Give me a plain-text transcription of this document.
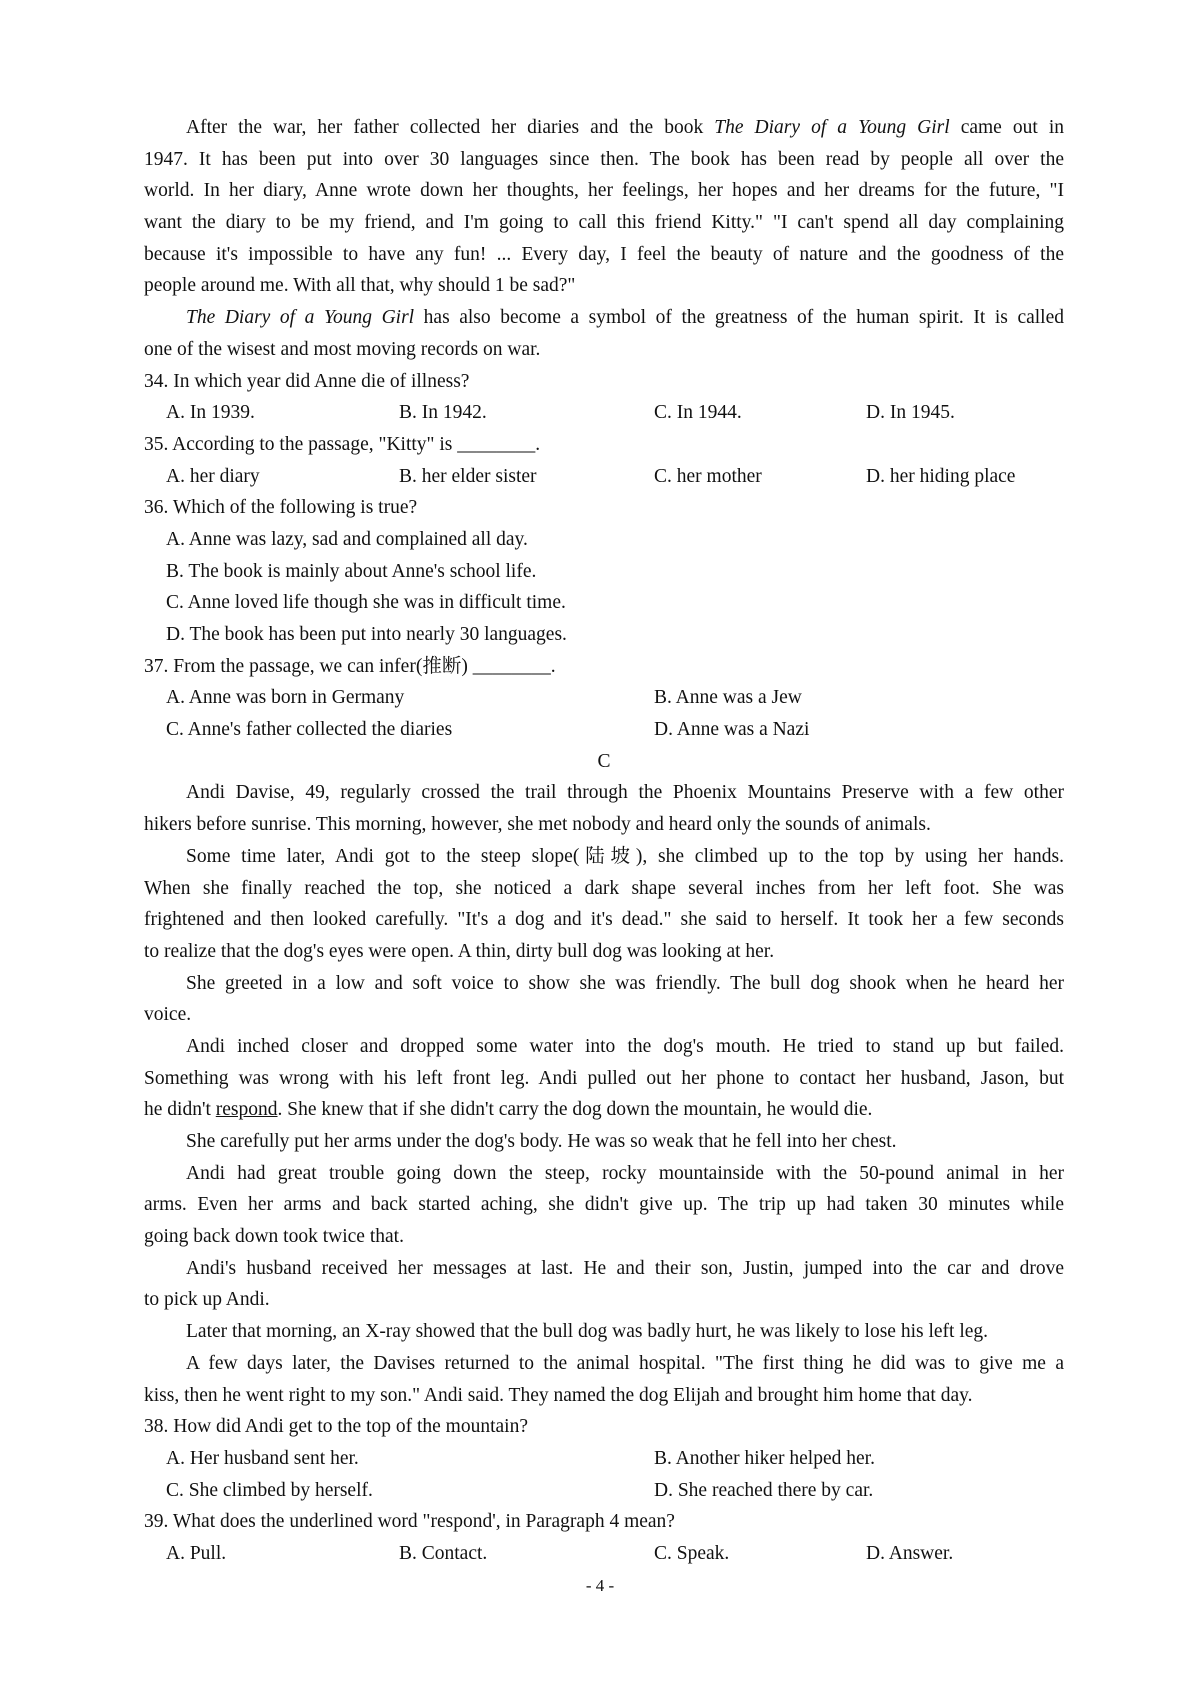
After the war, her father collected her diaries and the book The Diary of a Young Girl came out in
1947. It has been put into over 30 languages since then. The book has been read by people all over the
world. In her diary, Anne wrote down her thoughts, her feelings, her hopes and her dreams for the future, "I
want the diary to be my friend, and I'm going to call this friend Kitty." "I can't spend all day complaining
because it's impossible to have any fun! ... Every day, I feel the beauty of nature and the goodness of the
people around me. With all that, why should 1 be sad?"
The Diary of a Young Girl has also become a symbol of the greatness of the human spirit. It is called
one of the wisest and most moving records on war.
34. In which year did Anne die of illness?
A. In 1939.	B. In 1942.	C. In 1944.	D. In 1945.
35. According to the passage, "Kitty" is ________.
A. her diary	B. her elder sister	C. her mother	D. her hiding place
36. Which of the following is true?
A. Anne was lazy, sad and complained all day.
B. The book is mainly about Anne's school life.
C. Anne loved life though she was in difficult time.
D. The book has been put into nearly 30 languages.
37. From the passage, we can infer(推断) ________.
A. Anne was born in Germany	B. Anne was a Jew
C. Anne's father collected the diaries	D. Anne was a Nazi
C
Andi Davise, 49, regularly crossed the trail through the Phoenix Mountains Preserve with a few other
hikers before sunrise. This morning, however, she met nobody and heard only the sounds of animals.
Some time later, Andi got to the steep slope(陆坡), she climbed up to the top by using her hands.
When she finally reached the top, she noticed a dark shape several inches from her left foot. She was
frightened and then looked carefully. "It's a dog and it's dead." she said to herself. It took her a few seconds
to realize that the dog's eyes were open. A thin, dirty bull dog was looking at her.
She greeted in a low and soft voice to show she was friendly. The bull dog shook when he heard her
voice.
Andi inched closer and dropped some water into the dog's mouth. He tried to stand up but failed.
Something was wrong with his left front leg. Andi pulled out her phone to contact her husband, Jason, but
he didn't respond. She knew that if she didn't carry the dog down the mountain, he would die.
She carefully put her arms under the dog's body. He was so weak that he fell into her chest.
Andi had great trouble going down the steep, rocky mountainside with the 50-pound animal in her
arms. Even her arms and back started aching, she didn't give up. The trip up had taken 30 minutes while
going back down took twice that.
Andi's husband received her messages at last. He and their son, Justin, jumped into the car and drove
to pick up Andi.
Later that morning, an X-ray showed that the bull dog was badly hurt, he was likely to lose his left leg.
A few days later, the Davises returned to the animal hospital. "The first thing he did was to give me a
kiss, then he went right to my son." Andi said. They named the dog Elijah and brought him home that day.
38. How did Andi get to the top of the mountain?
A. Her husband sent her.	B. Another hiker helped her.
C. She climbed by herself.	D. She reached there by car.
39. What does the underlined word "respond', in Paragraph 4 mean?
A. Pull.	B. Contact.	C. Speak.	D. Answer.
- 4 -
